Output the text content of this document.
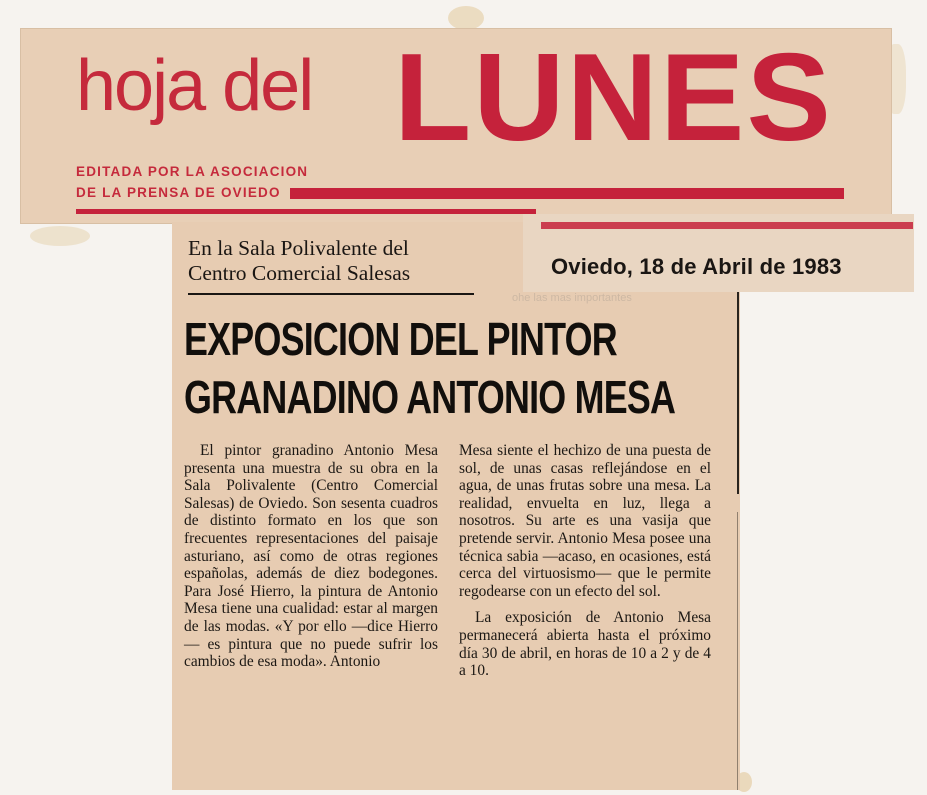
hoja del LUNES
EDITADA POR LA ASOCIACION
DE LA PRENSA DE OVIEDO
ohe las mas importantes
En la Sala Polivalente del
Centro Comercial Salesas
EXPOSICION DEL PINTOR
GRANADINO ANTONIO MESA

El pintor granadino Antonio Mesa presenta una muestra de su obra en la Sala Polivalente (Centro Comercial Salesas) de Oviedo. Son sesenta cuadros de distinto formato en los que son frecuentes representaciones del paisaje asturiano, así como de otras regiones españolas, además de diez bodegones. Para José Hierro, la pintura de Antonio Mesa tiene una cualidad: estar al margen de las modas. «Y por ello —dice Hierro— es pintura que no puede sufrir los cambios de esa moda». Antonio

Mesa siente el hechizo de una puesta de sol, de unas casas reflejándose en el agua, de unas frutas sobre una mesa. La realidad, envuelta en luz, llega a nosotros. Su arte es una vasija que pretende servir. Antonio Mesa posee una técnica sabia —acaso, en ocasiones, está cerca del virtuosismo— que le permite regodearse con un efecto del sol.

La exposición de Antonio Mesa permanecerá abierta hasta el próximo día 30 de abril, en horas de 10 a 2 y de 4 a 10.

Oviedo, 18 de Abril de 1983
